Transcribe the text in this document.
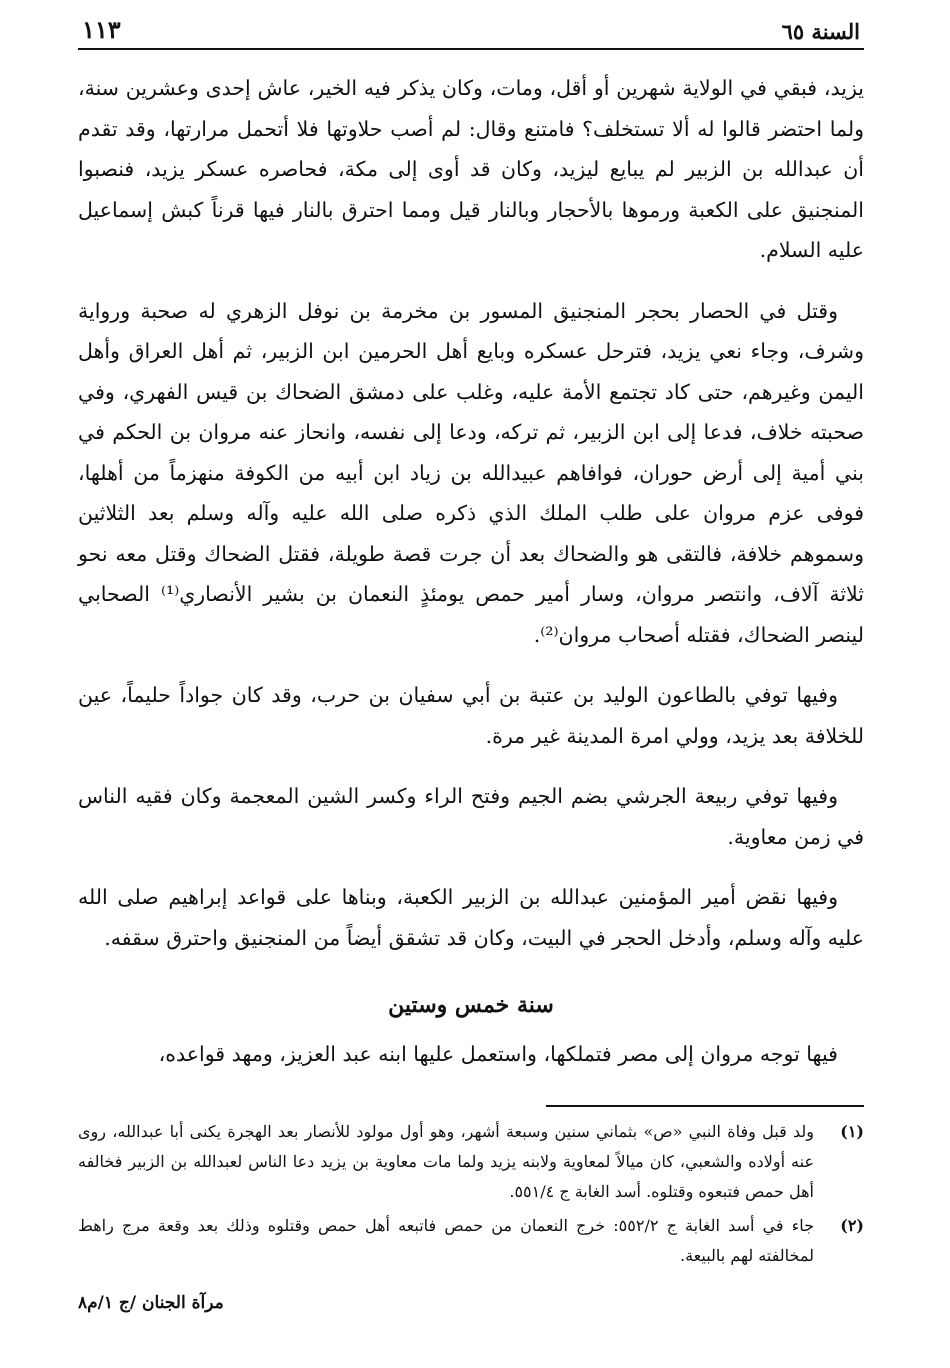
السنة ٦٥
١١٣

يزيد، فبقي في الولاية شهرين أو أقل، ومات، وكان يذكر فيه الخير، عاش إحدى وعشرين سنة، ولما احتضر قالوا له ألا تستخلف؟ فامتنع وقال: لم أصب حلاوتها فلا أتحمل مرارتها، وقد تقدم أن عبدالله بن الزبير لم يبايع ليزيد، وكان قد أوى إلى مكة، فحاصره عسكر يزيد، فنصبوا المنجنيق على الكعبة ورموها بالأحجار وبالنار قيل ومما احترق بالنار فيها قرناً كبش إسماعيل عليه السلام.

وقتل في الحصار بحجر المنجنيق المسور بن مخرمة بن نوفل الزهري له صحبة ورواية وشرف، وجاء نعي يزيد، فترحل عسكره وبايع أهل الحرمين ابن الزبير، ثم أهل العراق وأهل اليمن وغيرهم، حتى كاد تجتمع الأمة عليه، وغلب على دمشق الضحاك بن قيس الفهري، وفي صحبته خلاف، فدعا إلى ابن الزبير، ثم تركه، ودعا إلى نفسه، وانحاز عنه مروان بن الحكم في بني أمية إلى أرض حوران، فوافاهم عبيدالله بن زياد ابن أبيه من الكوفة منهزماً من أهلها، فوفى عزم مروان على طلب الملك الذي ذكره صلى الله عليه وآله وسلم بعد الثلاثين وسموهم خلافة، فالتقى هو والضحاك بعد أن جرت قصة طويلة، فقتل الضحاك وقتل معه نحو ثلاثة آلاف، وانتصر مروان، وسار أمير حمص يومئذٍ النعمان بن بشير الأنصاري⁽¹⁾ الصحابي لينصر الضحاك، فقتله أصحاب مروان⁽²⁾.

وفيها توفي بالطاعون الوليد بن عتبة بن أبي سفيان بن حرب، وقد كان جواداً حليماً، عين للخلافة بعد يزيد، وولي امرة المدينة غير مرة.

وفيها توفي ربيعة الجرشي بضم الجيم وفتح الراء وكسر الشين المعجمة وكان فقيه الناس في زمن معاوية.

وفيها نقض أمير المؤمنين عبدالله بن الزبير الكعبة، وبناها على قواعد إبراهيم صلى الله عليه وآله وسلم، وأدخل الحجر في البيت، وكان قد تشقق أيضاً من المنجنيق واحترق سقفه.

سنة خمس وستين

فيها توجه مروان إلى مصر فتملكها، واستعمل عليها ابنه عبد العزيز، ومهد قواعده،

(١)
ولد قبل وفاة النبي «ص» بثماني سنين وسبعة أشهر، وهو أول مولود للأنصار بعد الهجرة يكنى أبا عبدالله، روى عنه أولاده والشعبي، كان ميالاً لمعاوية ولابنه يزيد ولما مات معاوية بن يزيد دعا الناس لعبدالله بن الزبير فخالفه أهل حمص فتبعوه وقتلوه. أسد الغابة ج ٥٥١/٤.
(٢)
جاء في أسد الغابة ج ٥٥٢/٢: خرج النعمان من حمص فاتبعه أهل حمص وقتلوه وذلك بعد وقعة مرج راهط لمخالفته لهم بالبيعة.
مرآة الجنان /ج ١/م٨
